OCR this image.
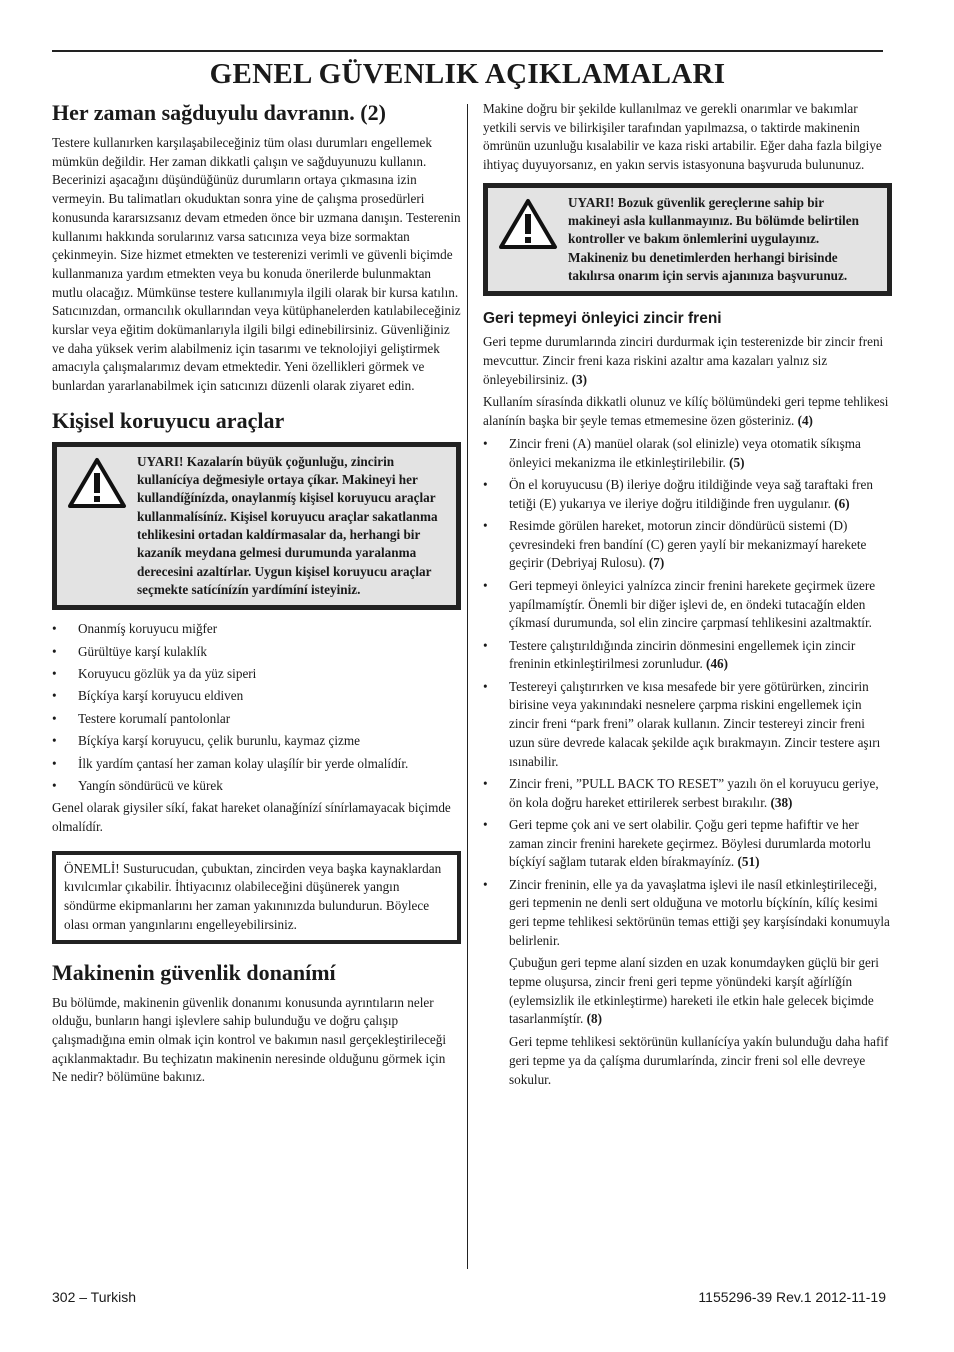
GENEL GÜVENLIK AÇIKLAMALARI
Her zaman sağduyulu davranın. (2)

Testere kullanırken karşılaşabileceğiniz tüm olası durumları engellemek mümkün değildir. Her zaman dikkatli çalışın ve sağduyunuzu kullanın. Becerinizi aşacağını düşündüğünüz durumların ortaya çıkmasına izin vermeyin. Bu talimatları okuduktan sonra yine de çalışma prosedürleri konusunda kararsızsanız devam etmeden önce bir uzmana danışın. Testerenin kullanımı hakkında sorularınız varsa satıcınıza veya bize sormaktan çekinmeyin. Size hizmet etmekten ve testerenizi verimli ve güvenli biçimde kullanmanıza yardım etmekten veya bu konuda önerilerde bulunmaktan mutlu olacağız. Mümkünse testere kullanımıyla ilgili olarak bir kursa katılın. Satıcınızdan, ormancılık okullarından veya kütüphanelerden katılabileceğiniz kurslar veya eğitim dokümanlarıyla ilgili bilgi edinebilirsiniz. Güvenliğiniz ve daha yüksek verim alabilmeniz için tasarımı ve teknolojiyi geliştirmek amacıyla çalışmalarımız devam etmektedir. Yeni özellikleri görmek ve bunlardan yararlanabilmek için satıcınızı düzenli olarak ziyaret edin.

Kişisel koruyucu araçlar

UYARI! Kazalarín büyük çoğunluğu, zincirin kullanícíya değmesiyle ortaya çíkar. Makineyi her kullandíğínízda, onaylanmíş kişisel koruyucu araçlar kullanmalísíníz. Kişisel koruyucu araçlar sakatlanma tehlikesini ortadan kaldírmasalar da, herhangi bir kazaník meydana gelmesi durumunda yaralanma derecesini azaltírlar. Uygun kişisel koruyucu araçlar seçmekte satícínízín yardímíní isteyiniz.

• Onanmíş koruyucu miğfer
• Gürültüye karşí kulaklík
• Koruyucu gözlük ya da yüz siperi
• Bíçkíya karşí koruyucu eldiven
• Testere korumalí pantolonlar
• Bíçkíya karşí koruyucu, çelik burunlu, kaymaz çizme
• İlk yardím çantasí her zaman kolay ulaşílír bir yerde olmalídír.
• Yangín söndürücü ve kürek

Genel olarak giysiler síkí, fakat hareket olanağínízí sínírlamayacak biçimde olmalídír.

ÖNEMLİ! Susturucudan, çubuktan, zincirden veya başka kaynaklardan kıvılcımlar çıkabilir. İhtiyacınız olabileceğini düşünerek yangın söndürme ekipmanlarını her zaman yakınınızda bulundurun. Böylece olası orman yangınlarını engelleyebilirsiniz.

Makinenin güvenlik donanímí

Bu bölümde, makinenin güvenlik donanımı konusunda ayrıntıların neler olduğu, bunların hangi işlevlere sahip bulunduğu ve doğru çalışıp çalışmadığına emin olmak için kontrol ve bakımın nasıl gerçekleştirileceği açıklanmaktadır. Bu teçhizatın makinenin neresinde olduğunu görmek için Ne nedir? bölümüne bakınız.

Makine doğru bir şekilde kullanılmaz ve gerekli onarımlar ve bakımlar yetkili servis ve bilirkişiler tarafından yapılmazsa, o taktirde makinenin ömrünün uzunluğu kısalabilir ve kaza riski artabilir. Eğer daha fazla bilgiye ihtiyaç duyuyorsanız, en yakın servis istasyonuna başvuruda bulununuz.

UYARI! Bozuk güvenlik gereçlerıne sahip bir makineyi asla kullanmayınız. Bu bölümde belirtilen kontroller ve bakım önlemlerini uygulayınız. Makineniz bu denetimlerden herhangi birisinde takılırsa onarım için servis ajanınıza başvurunuz.

Geri tepmeyi önleyici zincir freni

Geri tepme durumlarında zinciri durdurmak için testerenizde bir zincir freni mevcuttur. Zincir freni kaza riskini azaltır ama kazaları yalnız siz önleyebilirsiniz. (3)

Kullaním sírasínda dikkatli olunuz ve kílíç bölümündeki geri tepme tehlikesi alanínín başka bir şeyle temas etmemesine özen gösteriniz. (4)

• Zincir freni (A) manüel olarak (sol elinizle) veya otomatik síkışma önleyici mekanizma ile etkinleştirilebilir. (5)
• Ön el koruyucusu (B) ileriye doğru itildiğinde veya sağ taraftaki fren tetiği (E) yukarıya ve ileriye doğru itildiğinde fren uygulanır. (6)
• Resimde görülen hareket, motorun zincir döndürücü sistemi (D) çevresindeki fren bandíní (C) geren yaylí bir mekanizmayí harekete geçirir (Debriyaj Rulosu). (7)
• Geri tepmeyi önleyici yalnízca zincir frenini harekete geçirmek üzere yapílmamíştír. Önemli bir diğer işlevi de, en öndeki tutacağín elden çíkmasí durumunda, sol elin zincire çarpmasí tehlikesini azaltmaktír.
• Testere çalıştırıldığında zincirin dönmesini engellemek için zincir freninin etkinleştirilmesi zorunludur. (46)
• Testereyi çalıştırırken ve kısa mesafede bir yere götürürken, zincirin birisine veya yakınındaki nesnelere çarpma riskini engellemek için zincir freni “park freni” olarak kullanın. Zincir testereyi zincir freni uzun süre devrede kalacak şekilde açık bırakmayın. Zincir testere aşırı ısınabilir.
• Zincir freni, ”PULL BACK TO RESET” yazılı ön el koruyucu geriye, ön kola doğru hareket ettirilerek serbest bırakılır. (38)
• Geri tepme çok ani ve sert olabilir. Çoğu geri tepme hafiftir ve her zaman zincir frenini harekete geçirmez. Böylesi durumlarda motorlu bíçkíyí sağlam tutarak elden bírakmayíníz. (51)
• Zincir freninin, elle ya da yavaşlatma işlevi ile nasíl etkinleştirileceği, geri tepmenin ne denli sert olduğuna ve motorlu bíçkínín, kílíç kesimi geri tepme tehlikesi sektörünün temas ettiği şey karşísíndaki konumuyla belirlenir.

Çubuğun geri tepme alaní sizden en uzak konumdayken güçlü bir geri tepme oluşursa, zincir freni geri tepme yönündeki karşít ağírlíğín (eylemsizlik ile etkinleştirme) hareketi ile etkin hale gelecek biçimde tasarlanmíştír. (8)

Geri tepme tehlikesi sektörünün kullanícíya yakín bulunduğu daha hafif geri tepme ya da çalíşma durumlarínda, zincir freni sol elle devreye sokulur.

302 – Turkish	1155296-39 Rev.1 2012-11-19
